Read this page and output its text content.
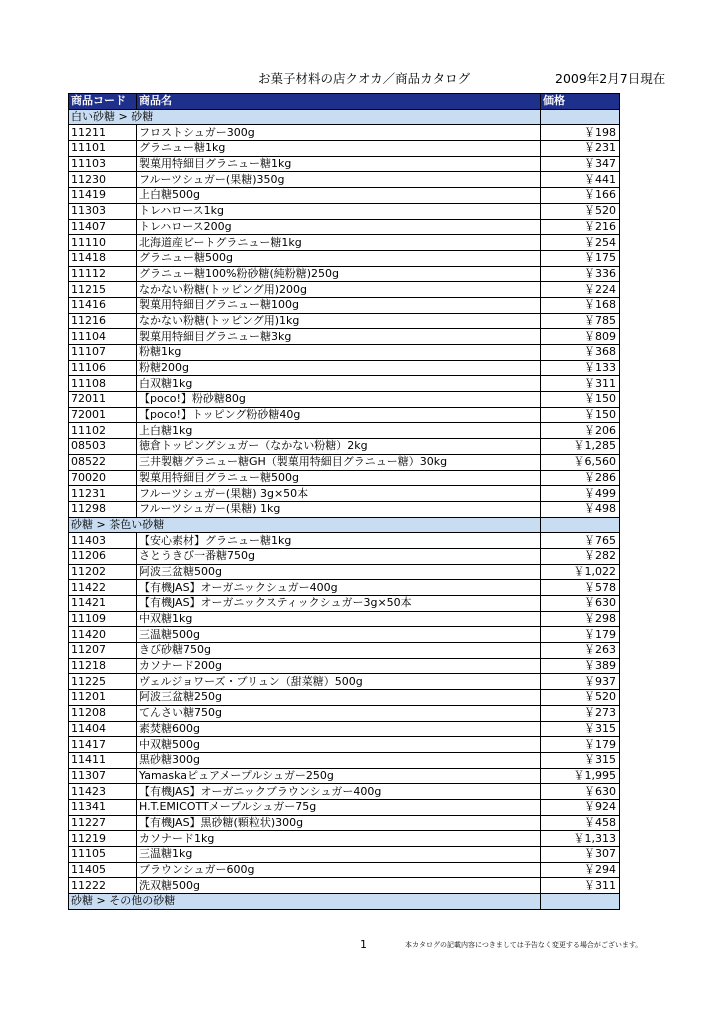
お菓子材料の店クオカ／商品カタログ	2009年2月7日現在
商品コード	商品名	価格
白い砂糖 > 砂糖		
11211	フロストシュガー300g	￥198
11101	グラニュー糖1kg	￥231
11103	製菓用特細目グラニュー糖1kg	￥347
11230	フルーツシュガー(果糖)350g	￥441
11419	上白糖500g	￥166
11303	トレハロース1kg	￥520
11407	トレハロース200g	￥216
11110	北海道産ビートグラニュー糖1kg	￥254
11418	グラニュー糖500g	￥175
11112	グラニュー糖100%粉砂糖(純粉糖)250g	￥336
11215	なかない粉糖(トッピング用)200g	￥224
11416	製菓用特細目グラニュー糖100g	￥168
11216	なかない粉糖(トッピング用)1kg	￥785
11104	製菓用特細目グラニュー糖3kg	￥809
11107	粉糖1kg	￥368
11106	粉糖200g	￥133
11108	白双糖1kg	￥311
72011	【poco!】粉砂糖80g	￥150
72001	【poco!】トッピング粉砂糖40g	￥150
11102	上白糖1kg	￥206
08503	徳倉トッピングシュガー（なかない粉糖）2kg	￥1,285
08522	三井製糖グラニュー糖GH（製菓用特細目グラニュー糖）30kg	￥6,560
70020	製菓用特細目グラニュー糖500g	￥286
11231	フルーツシュガー(果糖) 3g×50本	￥499
11298	フルーツシュガー(果糖) 1kg	￥498
砂糖 > 茶色い砂糖		
11403	【安心素材】グラニュー糖1kg	￥765
11206	さとうきび一番糖750g	￥282
11202	阿波三盆糖500g	￥1,022
11422	【有機JAS】オーガニックシュガー400g	￥578
11421	【有機JAS】オーガニックスティックシュガー3g×50本	￥630
11109	中双糖1kg	￥298
11420	三温糖500g	￥179
11207	きび砂糖750g	￥263
11218	カソナード200g	￥389
11225	ヴェルジョワーズ・ブリュン（甜菜糖）500g	￥937
11201	阿波三盆糖250g	￥520
11208	てんさい糖750g	￥273
11404	素焚糖600g	￥315
11417	中双糖500g	￥179
11411	黒砂糖300g	￥315
11307	Yamaskaピュアメープルシュガー250g	￥1,995
11423	【有機JAS】オーガニックブラウンシュガー400g	￥630
11341	H.T.EMICOTTメープルシュガー75g	￥924
11227	【有機JAS】黒砂糖(顆粒状)300g	￥458
11219	カソナード1kg	￥1,313
11105	三温糖1kg	￥307
11405	ブラウンシュガー600g	￥294
11222	洗双糖500g	￥311
砂糖 > その他の砂糖		
1	本カタログの記載内容につきましては予告なく変更する場合がございます。
